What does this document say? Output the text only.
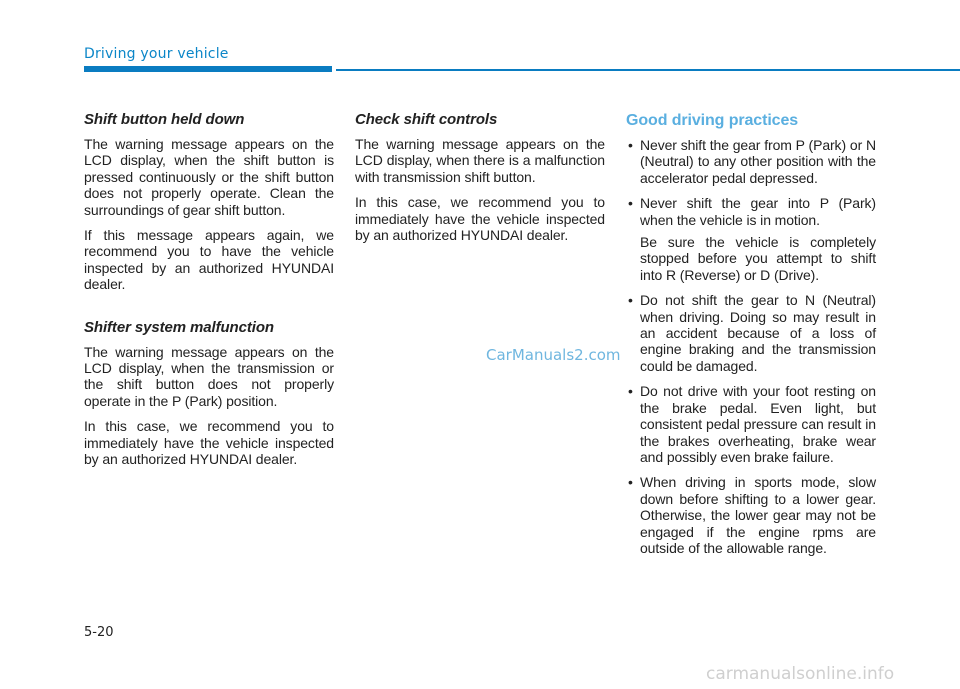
Driving your vehicle
Shift button held down

The warning message appears on the LCD display, when the shift button is pressed continuously or the shift button does not properly operate. Clean the surroundings of gear shift button.

If this message appears again, we recommend you to have the vehicle inspected by an authorized HYUNDAI dealer.

Shifter system malfunction

The warning message appears on the LCD display, when the transmission or the shift button does not properly operate in the P (Park) position.

In this case, we recommend you to immediately have the vehicle inspected by an authorized HYUNDAI dealer.

Check shift controls

The warning message appears on the LCD display, when there is a malfunction with transmission shift button.

In this case, we recommend you to immediately have the vehicle inspected by an authorized HYUNDAI dealer.

Good driving practices
• Never shift the gear from P (Park) or N (Neutral) to any other position with the accelerator pedal depressed.
• Never shift the gear into P (Park) when the vehicle is in motion.

Be sure the vehicle is completely stopped before you attempt to shift into R (Reverse) or D (Drive).

• Do not shift the gear to N (Neutral) when driving. Doing so may result in an accident because of a loss of engine braking and the transmission could be damaged.
• Do not drive with your foot resting on the brake pedal. Even light, but consistent pedal pressure can result in the brakes overheating, brake wear and possibly even brake failure.
• When driving in sports mode, slow down before shifting to a lower gear. Otherwise, the lower gear may not be engaged if the engine rpms are outside of the allowable range.
CarManuals2.com
5-20
carmanualsonline.info
